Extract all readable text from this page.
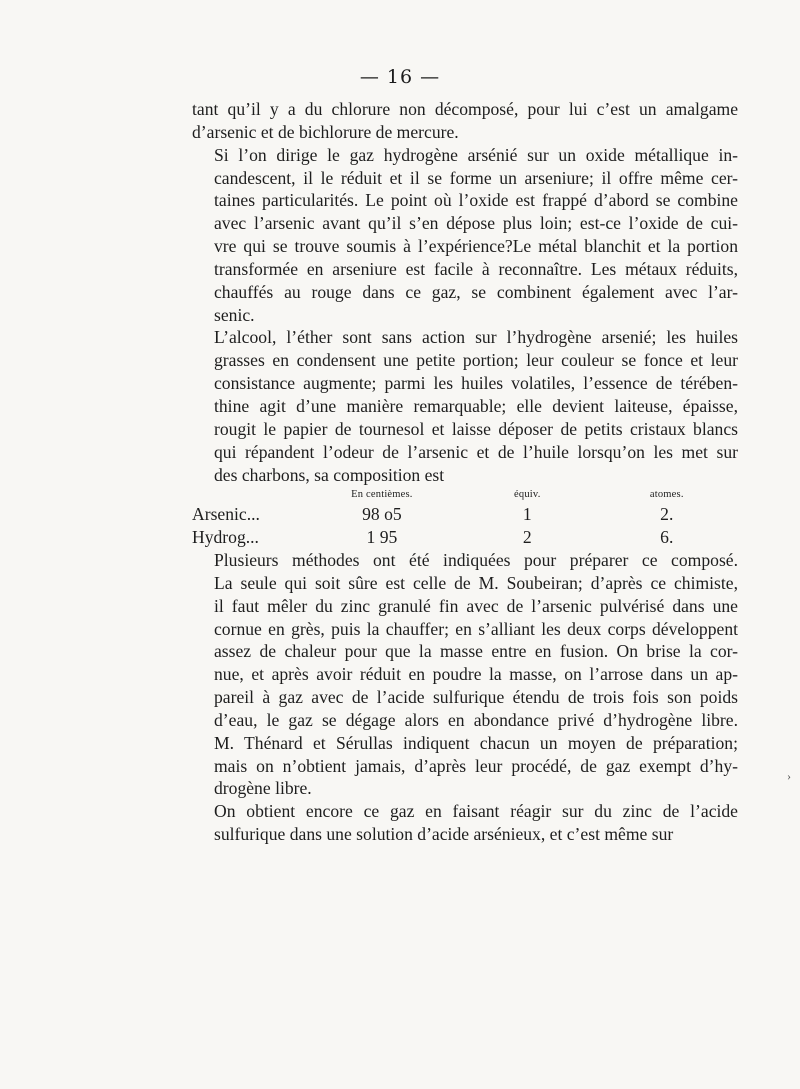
— 16 —

tant qu’il y a du chlorure non décomposé, pour lui c’est un amalgame
d’arsenic et de bichlorure de mercure.

Si l’on dirige le gaz hydrogène arsénié sur un oxide métallique in-
candescent, il le réduit et il se forme un arseniure; il offre même cer-
taines particularités. Le point où l’oxide est frappé d’abord se combine
avec l’arsenic avant qu’il s’en dépose plus loin; est-ce l’oxide de cui-
vre qui se trouve soumis à l’expérience?Le métal blanchit et la portion
transformée en arseniure est facile à reconnaître. Les métaux réduits,
chauffés au rouge dans ce gaz, se combinent également avec l’ar-
senic.

L’alcool, l’éther sont sans action sur l’hydrogène arsenié; les huiles
grasses en condensent une petite portion; leur couleur se fonce et leur
consistance augmente; parmi les huiles volatiles, l’essence de térében-
thine agit d’une manière remarquable; elle devient laiteuse, épaisse,
rougit le papier de tournesol et laisse déposer de petits cristaux blancs
qui répandent l’odeur de l’arsenic et de l’huile lorsqu’on les met sur
des charbons, sa composition est

	En centièmes.	équiv.	atomes.
Arsenic...	98 o5	1	2.
Hydrog...	1 95	2	6.

Plusieurs méthodes ont été indiquées pour préparer ce composé.
La seule qui soit sûre est celle de M. Soubeiran; d’après ce chimiste,
il faut mêler du zinc granulé fin avec de l’arsenic pulvérisé dans une
cornue en grès, puis la chauffer; en s’alliant les deux corps développent
assez de chaleur pour que la masse entre en fusion. On brise la cor-
nue, et après avoir réduit en poudre la masse, on l’arrose dans un ap-
pareil à gaz avec de l’acide sulfurique étendu de trois fois son poids
d’eau, le gaz se dégage alors en abondance privé d’hydrogène libre.
M. Thénard et Sérullas indiquent chacun un moyen de préparation;
mais on n’obtient jamais, d’après leur procédé, de gaz exempt d’hy-
drogène libre.

On obtient encore ce gaz en faisant réagir sur du zinc de l’acide
sulfurique dans une solution d’acide arsénieux, et c’est même sur

›
